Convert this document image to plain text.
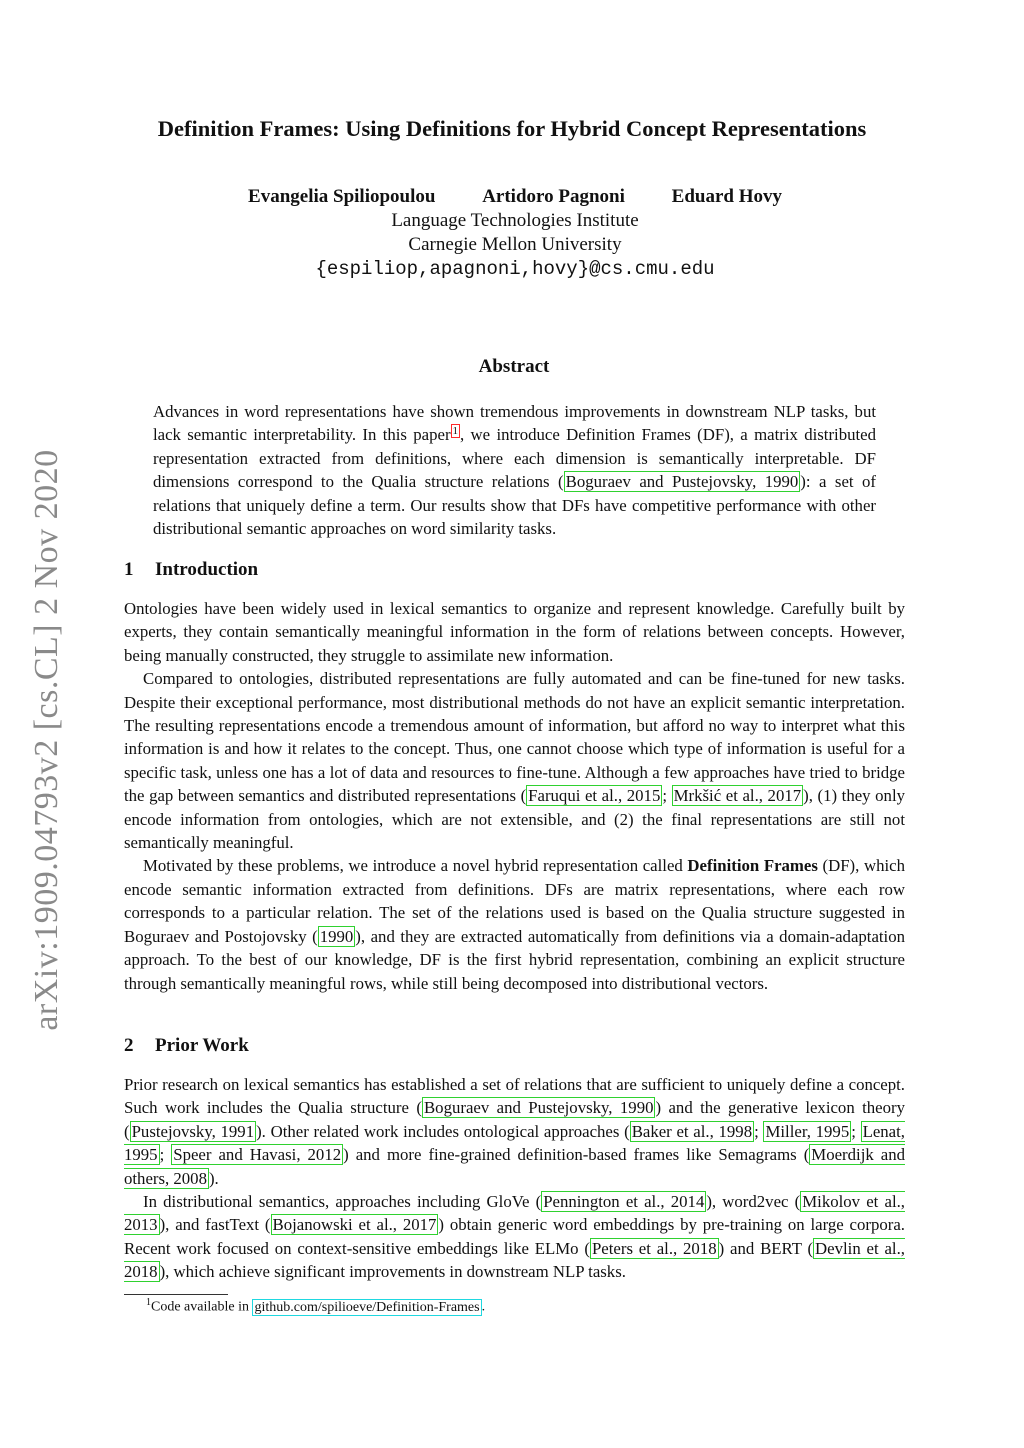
arXiv:1909.04793v2 [cs.CL] 2 Nov 2020
Definition Frames: Using Definitions for Hybrid Concept Representations
Evangelia Spiliopoulou Artidoro Pagnoni Eduard Hovy
Language Technologies Institute
Carnegie Mellon University
{espiliop,apagnoni,hovy}@cs.cmu.edu
Abstract
Advances in word representations have shown tremendous improvements in downstream NLP tasks, but lack semantic interpretability. In this paper $^1$ , we introduce Definition Frames (DF), a matrix distributed representation extracted from definitions, where each dimension is semantically interpretable. DF dimensions correspond to the Qualia structure relations ( Boguraev and Pustejovsky, 1990 ): a set of relations that uniquely define a term. Our results show that DFs have competitive performance with other distributional semantic approaches on word similarity tasks.
1 Introduction

Ontologies have been widely used in lexical semantics to organize and represent knowledge. Carefully built by experts, they contain semantically meaningful information in the form of relations between concepts. However, being manually constructed, they struggle to assimilate new information.

Compared to ontologies, distributed representations are fully automated and can be fine-tuned for new tasks. Despite their exceptional performance, most distributional methods do not have an explicit semantic interpretation. The resulting representations encode a tremendous amount of information, but afford no way to interpret what this information is and how it relates to the concept. Thus, one cannot choose which type of information is useful for a specific task, unless one has a lot of data and resources to fine-tune. Although a few approaches have tried to bridge the gap between semantics and distributed representations ( Faruqui et al., 2015 ; Mrkšić et al., 2017 ), (1) they only encode information from ontologies, which are not extensible, and (2) the final representations are still not semantically meaningful.

Motivated by these problems, we introduce a novel hybrid representation called Definition Frames (DF), which encode semantic information extracted from definitions. DFs are matrix representations, where each row corresponds to a particular relation. The set of the relations used is based on the Qualia structure suggested in Boguraev and Postojovsky ( 1990 ), and they are extracted automatically from definitions via a domain-adaptation approach. To the best of our knowledge, DF is the first hybrid representation, combining an explicit structure through semantically meaningful rows, while still being decomposed into distributional vectors.

2 Prior Work

Prior research on lexical semantics has established a set of relations that are sufficient to uniquely define a concept. Such work includes the Qualia structure ( Boguraev and Pustejovsky, 1990 ) and the generative lexicon theory ( Pustejovsky, 1991 ). Other related work includes ontological approaches ( Baker et al., 1998 ; Miller, 1995 ; Lenat, 1995 ; Speer and Havasi, 2012 ) and more fine-grained definition-based frames like Semagrams ( Moerdijk and others, 2008 ).

In distributional semantics, approaches including GloVe ( Pennington et al., 2014 ), word2vec ( Mikolov et al., 2013 ), and fastText ( Bojanowski et al., 2017 ) obtain generic word embeddings by pre-training on large corpora. Recent work focused on context-sensitive embeddings like ELMo ( Peters et al., 2018 ) and BERT ( Devlin et al., 2018 ), which achieve significant improvements in downstream NLP tasks.

$^1$Code available in github.com/spilioeve/Definition-Frames .
